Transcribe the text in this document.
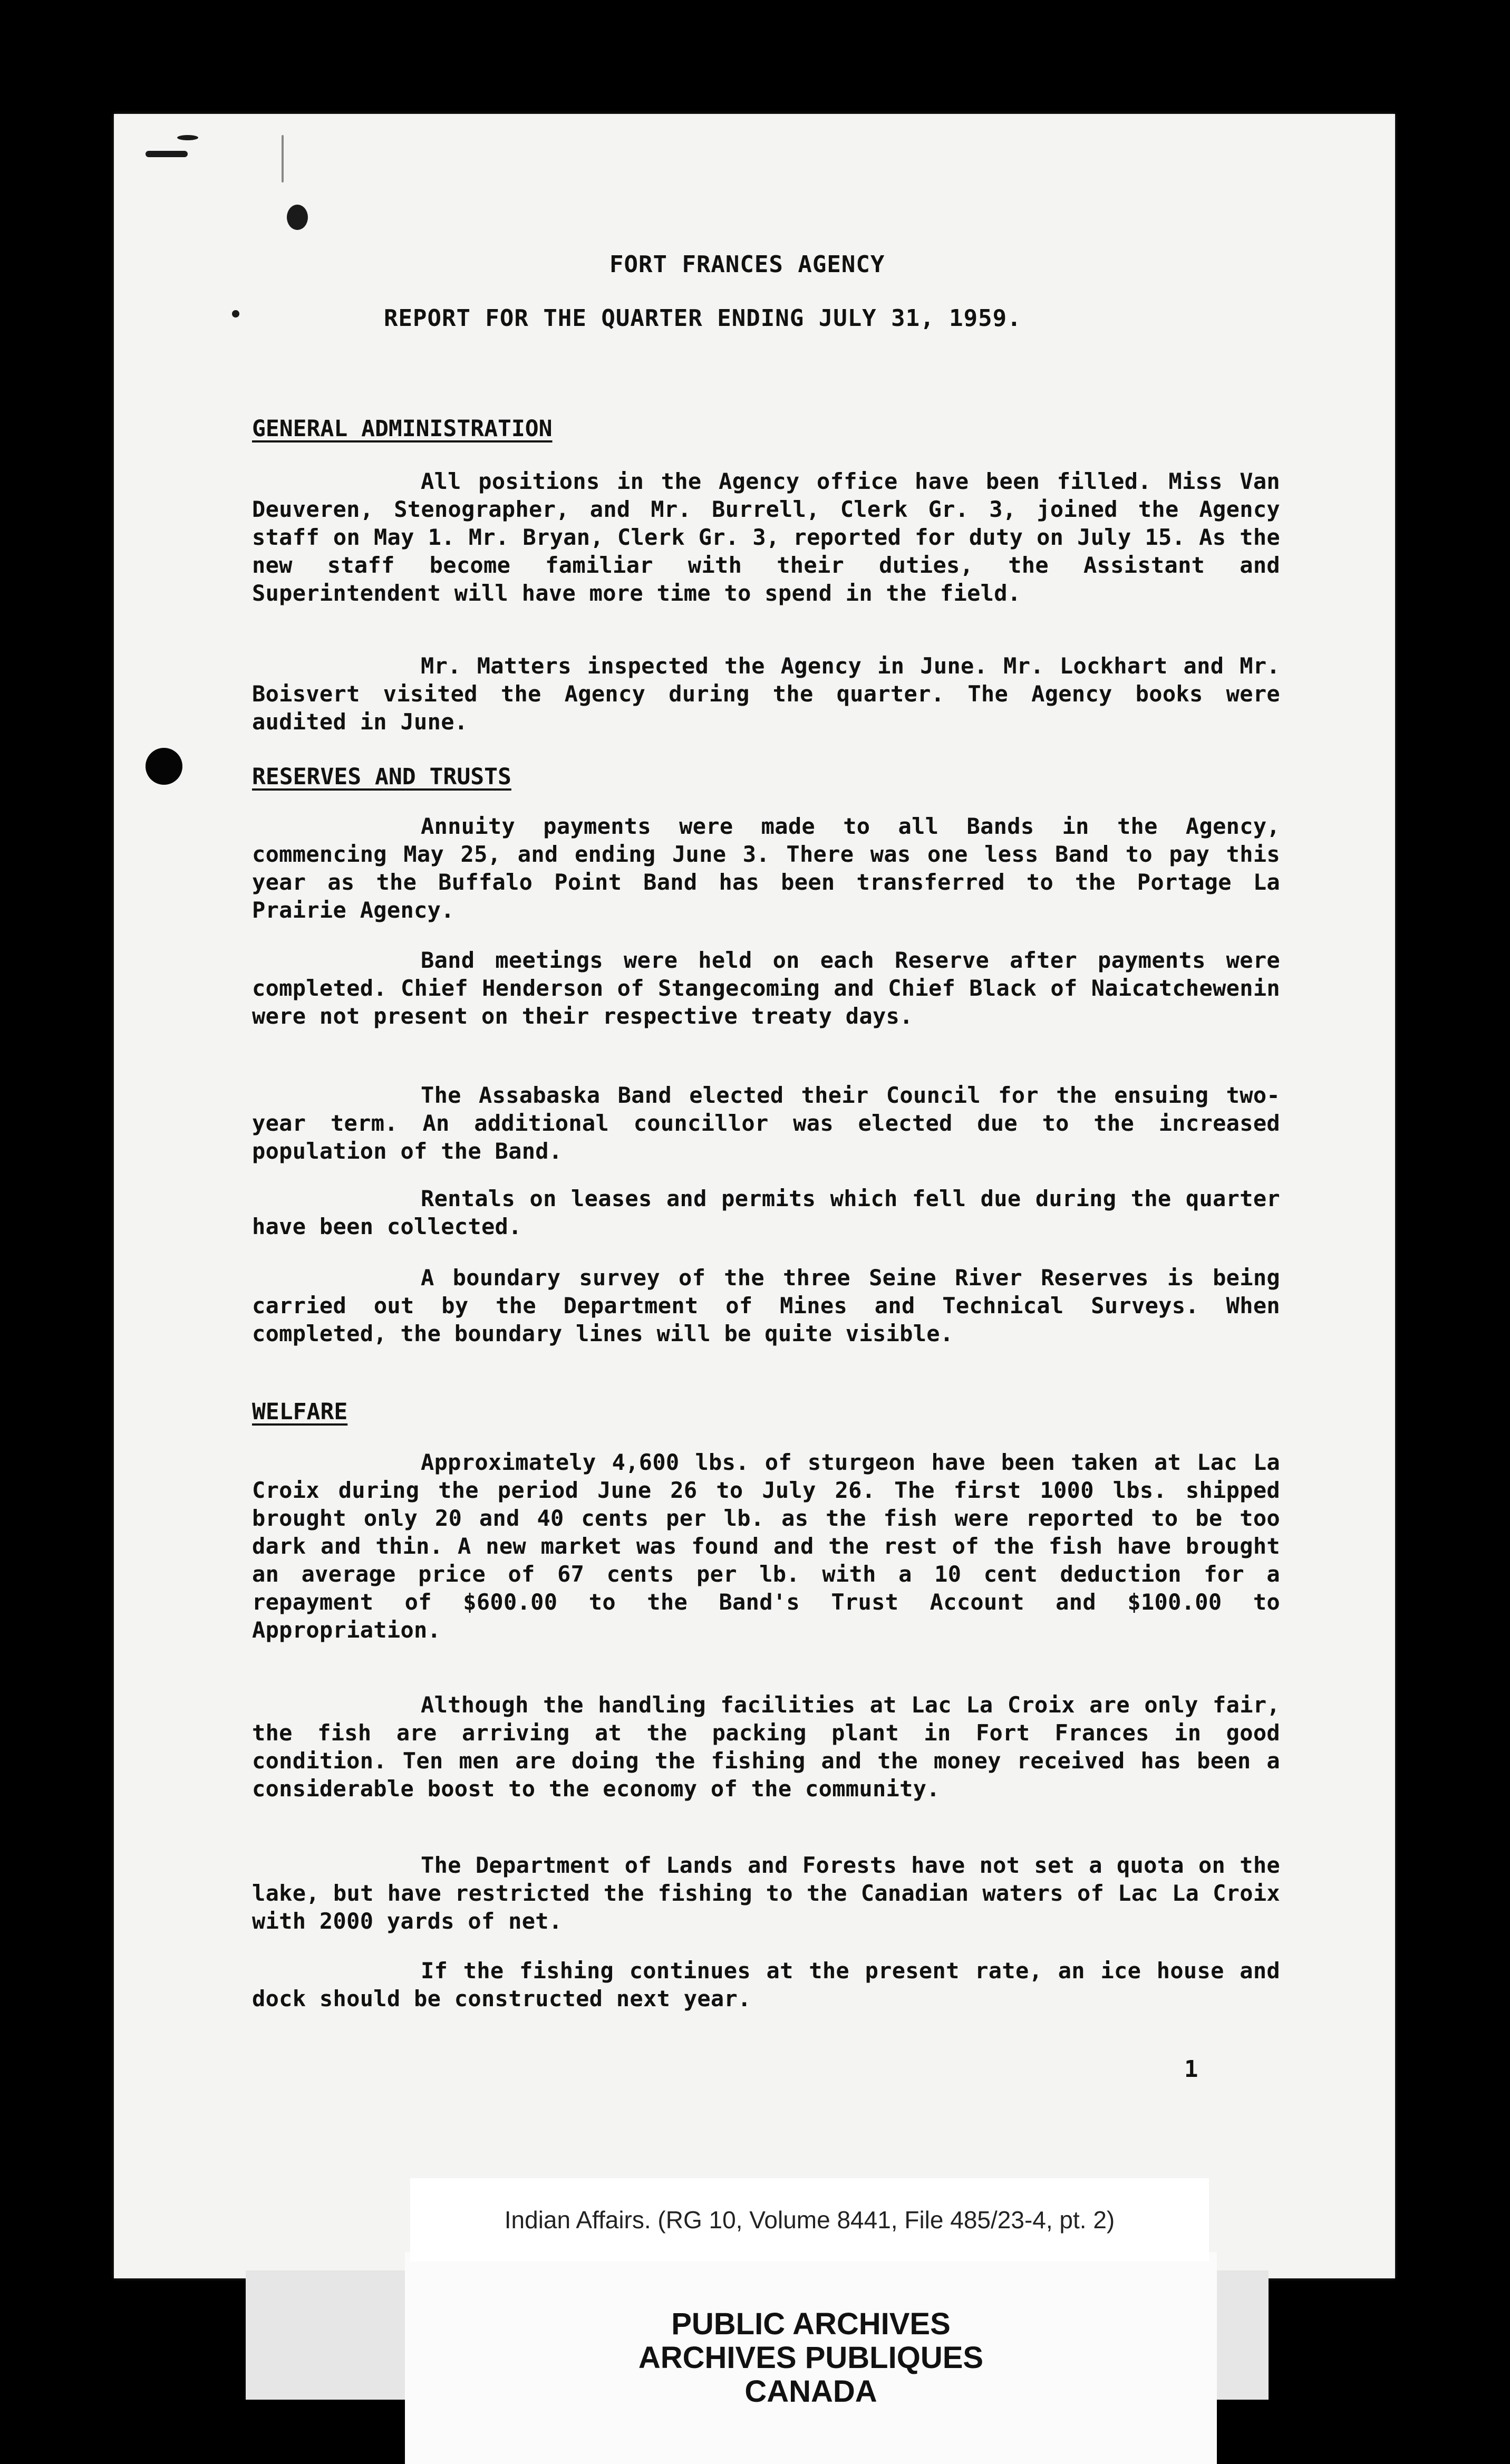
FORT FRANCES AGENCY
REPORT FOR THE QUARTER ENDING JULY 31, 1959.
GENERAL ADMINISTRATION
All positions in the Agency office have been filled. Miss Van Deuveren, Stenographer, and Mr. Burrell, Clerk Gr. 3, joined the Agency staff on May 1. Mr. Bryan, Clerk Gr. 3, reported for duty on July 15. As the new staff become familiar with their duties, the Assistant and Superintendent will have more time to spend in the field.
Mr. Matters inspected the Agency in June. Mr. Lockhart and Mr. Boisvert visited the Agency during the quarter. The Agency books were audited in June.
RESERVES AND TRUSTS
Annuity payments were made to all Bands in the Agency, commencing May 25, and ending June 3. There was one less Band to pay this year as the Buffalo Point Band has been transferred to the Portage La Prairie Agency.
Band meetings were held on each Reserve after payments were completed. Chief Henderson of Stangecoming and Chief Black of Naicatchewenin were not present on their respective treaty days.
The Assabaska Band elected their Council for the ensuing two-year term. An additional councillor was elected due to the increased population of the Band.
Rentals on leases and permits which fell due during the quarter have been collected.
A boundary survey of the three Seine River Reserves is being carried out by the Department of Mines and Technical Surveys. When completed, the boundary lines will be quite visible.
WELFARE
Approximately 4,600 lbs. of sturgeon have been taken at Lac La Croix during the period June 26 to July 26. The first 1000 lbs. shipped brought only 20 and 40 cents per lb. as the fish were reported to be too dark and thin. A new market was found and the rest of the fish have brought an average price of 67 cents per lb. with a 10 cent deduction for a repayment of $600.00 to the Band's Trust Account and $100.00 to Appropriation.
Although the handling facilities at Lac La Croix are only fair, the fish are arriving at the packing plant in Fort Frances in good condition. Ten men are doing the fishing and the money received has been a considerable boost to the economy of the community.
The Department of Lands and Forests have not set a quota on the lake, but have restricted the fishing to the Canadian waters of Lac La Croix with 2000 yards of net.
If the fishing continues at the present rate, an ice house and dock should be constructed next year.
1
PUBLIC ARCHIVES
ARCHIVES PUBLIQUES
CANADA
Indian Affairs. (RG 10, Volume 8441, File 485/23-4, pt. 2)
